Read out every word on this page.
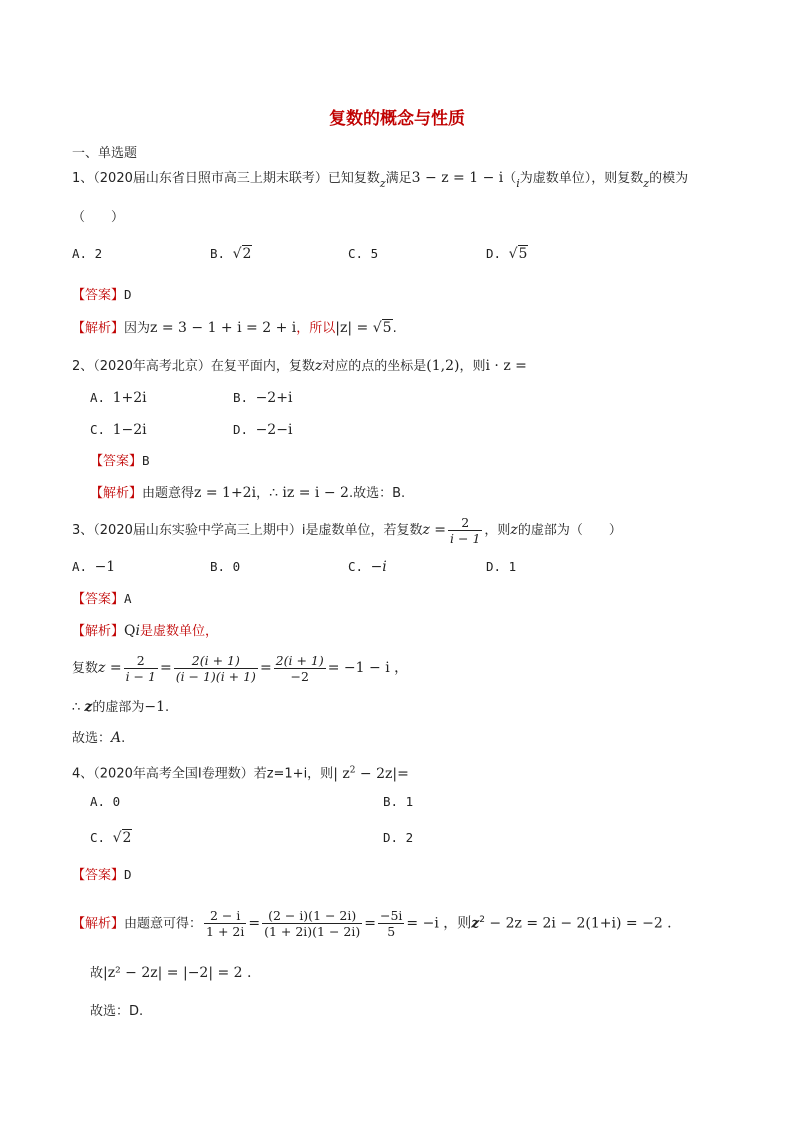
复数的概念与性质
一、单选题
1、（2020届山东省日照市高三上期末联考）已知复数$_z$满足$3 - z = 1 - i(_i$为虚数单位），则复数$_z$的模为
（　　）
A. 2	B. √2	C. 5	D. √5
【答案】D
【解析】因为z = 3 − 1 + i = 2 + i，所以|z| = √5.
2、（2020年高考北京）在复平面内，复数z对应的点的坐标是(1,2)，则i · z =
A. 1+2i	B. −2+i
C. 1−2i	D. −2−i
【答案】B
【解析】由题意得z = 1+2i，∴ iz = i − 2.故选：B.
3、（2020届山东实验中学高三上期中）i是虚数单位，若复数$z = \frac{2}{i - 1}$ ，则z的虚部为（　　）
A. −1	B. 0	C. −i	D. 1
【答案】A
【解析】Qi是虚数单位，
复数$z = \frac{2}{i - 1} = \frac{2(i + 1)}{(i - 1)(i + 1)} = \frac{2(i + 1)}{-2} = -1 - i$ ，
∴ z的虚部为−1.
故选：A.
4、（2020年高考全国Ⅰ卷理数）若z=1+i，则| $z^2 - 2z|=$
A. 0	B. 1
C. √2	D. 2
【答案】D
【解析】由题意可得： $\frac{2 - i}{1 + 2i} = \frac{(2 - i)(1 - 2i)}{(1 + 2i)(1 - 2i)} = \frac{-5i}{5} = -i$ ，则$z^2 - 2z = 2i - 2(1+i) = -2$ .
故|z² − 2z| = |−2| = 2 .
故选：D.
